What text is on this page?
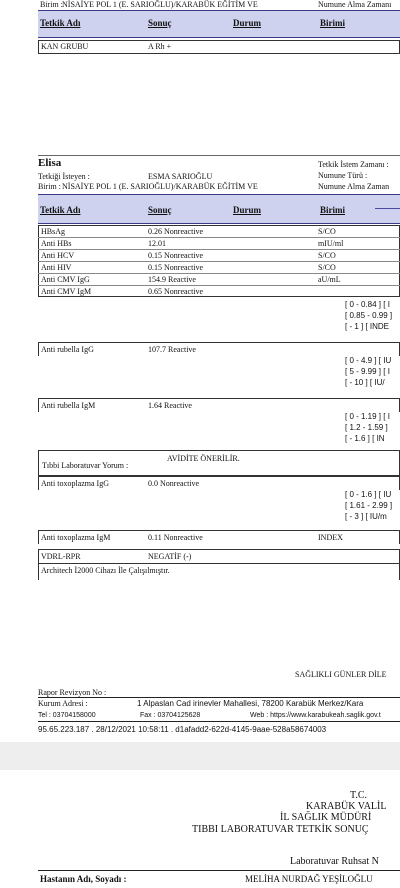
Birim : NİSAİYE POL 1 (E. SARIOĞLU)/KARABÜK EĞİTİM VE	Numune Alma Zamanı
Tetkik Adı	Sonuç	Durum	Birimi
KAN GRUBU	A Rh +
Elisa
Tetkiği İsteyen :	ESMA SARIOĞLU
Birim : NİSAİYE POL 1 (E. SARIOĞLU)/KARABÜK EĞİTİM VE
Tetkik İstem Zamanı :
Numune Türü :
Numune Alma Zaman
Tetkik Adı	Sonuç	Durum	Birimi
HBsAg	0.26 Nonreactive	S/CO
Anti HBs	12.01	mIU/ml
Anti HCV	0.15 Nonreactive	S/CO
Anti HIV	0.15 Nonreactive	S/CO
Anti CMV IgG	154.9 Reactive	aU/mL
Anti CMV IgM	0.65 Nonreactive
[ 0 - 0.84 ] [ I
[ 0.85 - 0.99 ]
[ - 1 ] [ INDE
Anti rubella IgG	107.7 Reactive
[ 0 - 4.9 ] [ IU
[ 5 - 9.99 ] [ I
[ - 10 ] [ IU/
Anti rubella IgM	1.64 Reactive
[ 0 - 1.19 ] [ I
[ 1.2 - 1.59 ]
[ - 1.6 ] [ IN
Tıbbi Laboratuvar Yorum :
AVİDİTE ÖNERİLİR.
Anti toxoplazma IgG	0.0 Nonreactive
[ 0 - 1.6 ] [ IU
[ 1.61 - 2.99 ]
[ - 3 ] [ IU/m
Anti toxoplazma IgM	0.11 Nonreactive	INDEX
VDRL-RPR	NEGATİF (-)
Architech İ2000 Cihazı İle Çalışılmıştır.
SAĞLIKLI GÜNLER DİLE
Rapor Revizyon No :
Kurum Adresi :	1 Alpaslan Cad irinevler Mahallesi, 78200 Karabük Merkez/Kara
Tel : 03704158000	Fax : 03704125628	Web : https://www.karabukeah.saglik.gov.t
95.65.223.187 . 28/12/2021 10:58:11 . d1afadd2-622d-4145-9aae-528a58674003
T.C.
KARABÜK VALİL
İL SAĞLIK MÜDÜRİ
TIBBI LABORATUVAR TETKİK SONUÇ
Laboratuvar Ruhsat N
Hastanın Adı, Soyadı :	MELİHA NURDAĞ YEŞİLOĞLU
